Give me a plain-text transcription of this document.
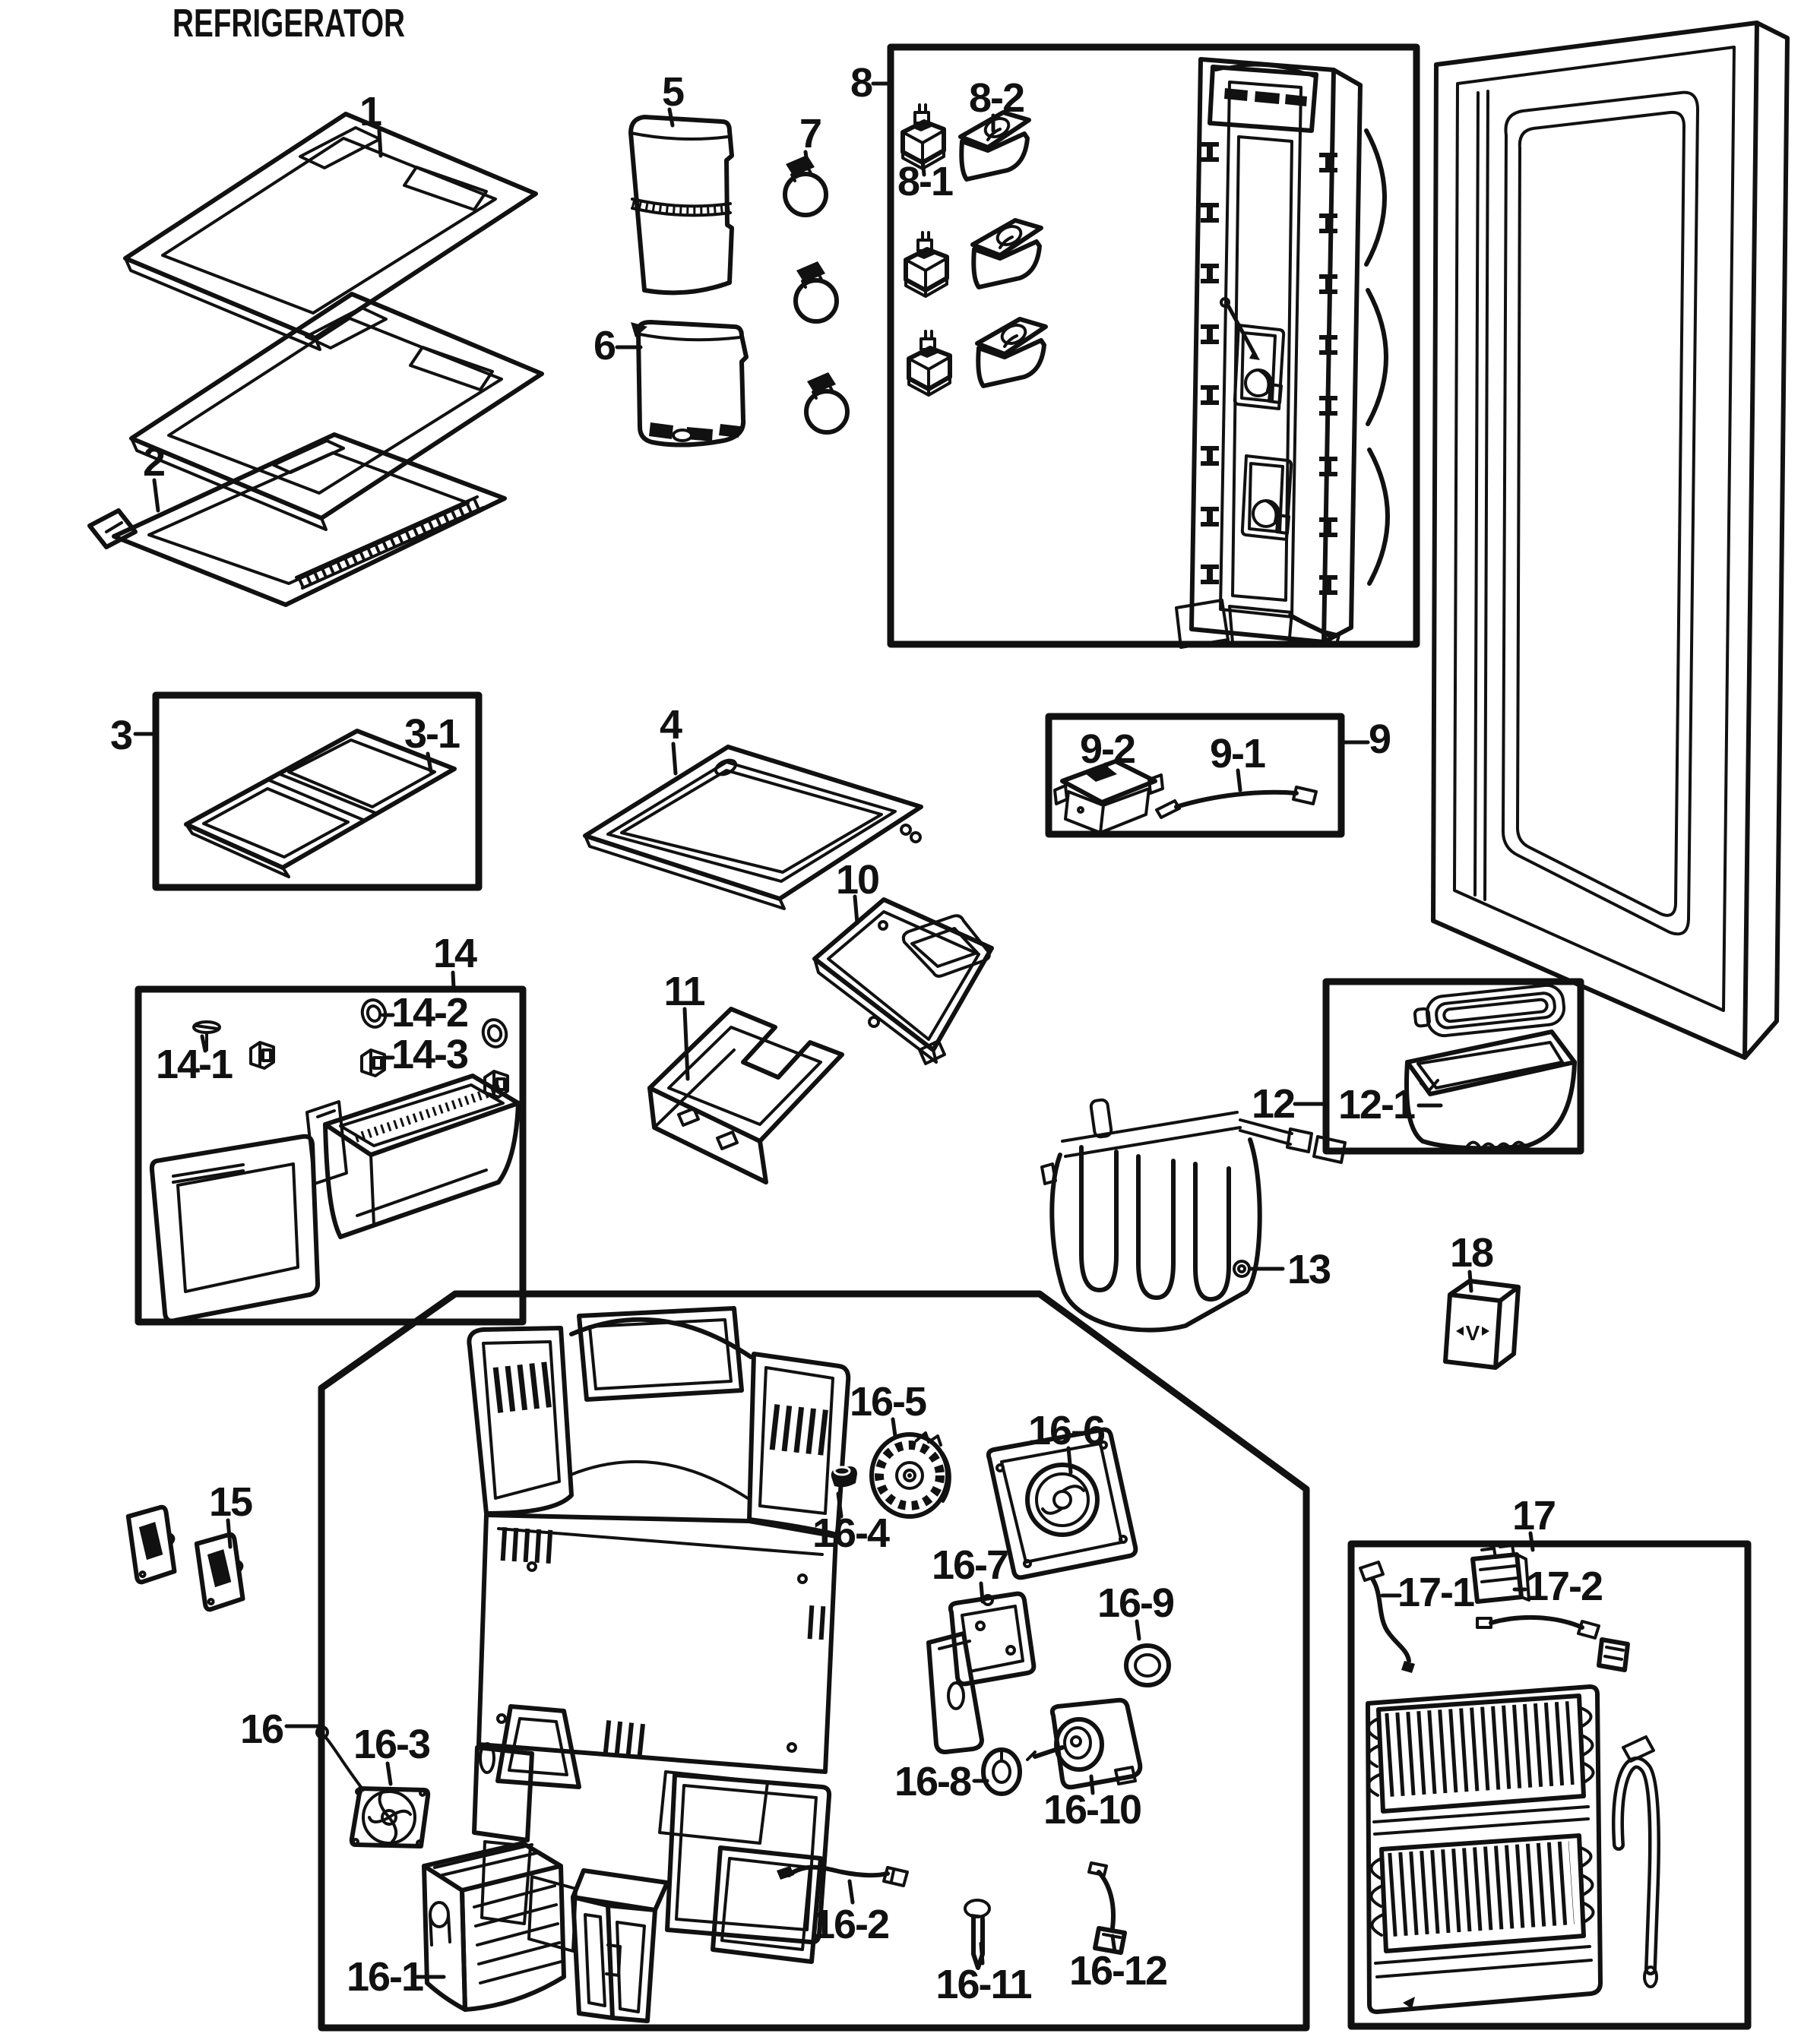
REFRIGERATOR
V
1
2
3	3-1	4
5
6
7
8
8-1
8-2
9
9-1
9-2
10
11
12 12-1
13
14
14-1
14-2
14-3
15
16
16-1
16-2
16-3
16-4
16-5
16-6
16-7
16-8
16-9
16-10
16-11 16-12
17
17-1 17-2
18
